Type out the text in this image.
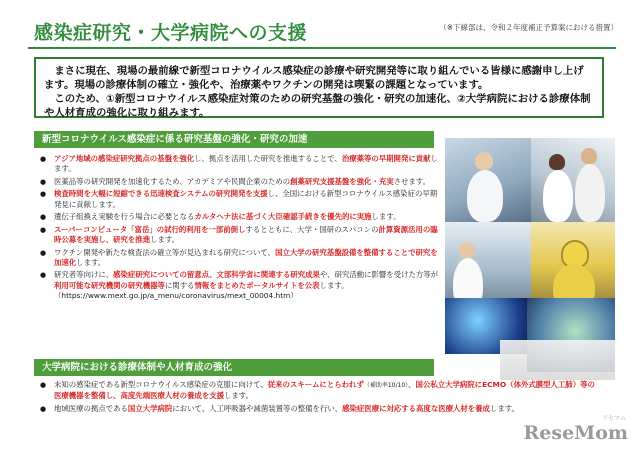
感染症研究・大学病院への支援	（※下線部は、令和２年度補正予算案における措置）

　まさに現在、現場の最前線で新型コロナウイルス感染症の診療や研究開発等に取り組んでいる皆様に感謝申し上げます。現場の診療体制の確立・強化や、治療薬やワクチンの開発は喫緊の課題となっています。

　このため、①新型コロナウイルス感染症対策のための研究基盤の強化・研究の加速化、②大学病院における診療体制や人材育成の強化に取り組みます。

新型コロナウイルス感染症に係る研究基盤の強化・研究の加速
● アジア地域の感染症研究拠点の基盤を強化し、拠点を活用した研究を推進することで、治療薬等の早期開発に貢献します。
● 医薬品等の研究開発を加速化するため、アカデミアや民間企業のための創薬研究支援基盤を強化・充実させます。
● 検査時間を大幅に短縮できる迅速検査システムの研究開発を支援し、全国における新型コロナウイルス感染症の早期発見に貢献します。
● 遺伝子組換え実験を行う場合に必要となるカルタヘナ法に基づく大臣確認手続きを優先的に実施します。
● スーパーコンピュータ「富岳」の試行的利用を一部前倒しするとともに、大学・国研のスパコンの計算資源活用の臨時公募を実施し、研究を推進します。
● ワクチン開発や新たな検査法の確立等が見込まれる研究について、国立大学の研究基盤設備を整備することで研究を加速化します。
● 研究者等向けに、感染症研究についての留意点、文部科学省に関連する研究成果や、研究活動に影響を受けた方等が利用可能な研究機関の研究機器等に関する情報をまとめたポータルサイトを公表します。
（https://www.mext.go.jp/a_menu/coronavirus/mext_00004.htm）
大学病院における診療体制や人材育成の強化
● 未知の感染症である新型コロナウイルス感染症の克服に向けて、従来のスキームにとらわれず（補助率10/10）、国公私立大学病院にECMO（体外式膜型人工肺）等の医療機器を整備し、高度先端医療人材の養成を支援します。
● 地域医療の拠点である国立大学病院において、人工呼吸器や減菌装置等の整備を行い、感染症医療に対応する高度な医療人材を養成します。
リセマム
ReseMom
